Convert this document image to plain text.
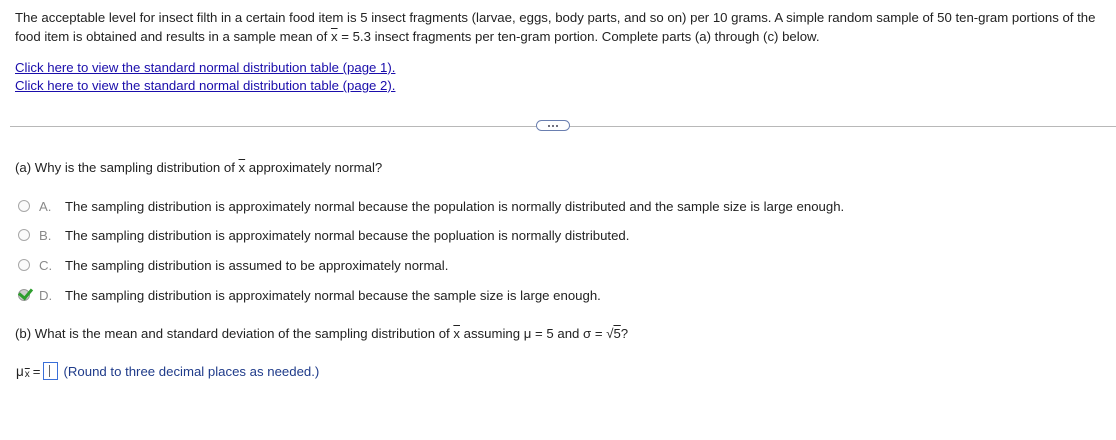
The acceptable level for insect filth in a certain food item is 5 insect fragments (larvae, eggs, body parts, and so on) per 10 grams. A simple random sample of 50 ten-gram portions of the food item is obtained and results in a sample mean of $\overline{x} = 5.3$ insect fragments per ten-gram portion. Complete parts (a) through (c) below.

Click here to view the standard normal distribution table (page 1).
Click here to view the standard normal distribution table (page 2).
(a) Why is the sampling distribution of $\overline{x}$ approximately normal?
A.	The sampling distribution is approximately normal because the population is normally distributed and the sample size is large enough.
B.	The sampling distribution is approximately normal because the popluation is normally distributed.
C. The sampling distribution is assumed to be approximately normal.
D. The sampling distribution is approximately normal because the sample size is large enough.
(b) What is the mean and standard deviation of the sampling distribution of $\overline{x}$ assuming μ = 5 and σ = √5?
μ $\overline{x}$ = (Round to three decimal places as needed.)
